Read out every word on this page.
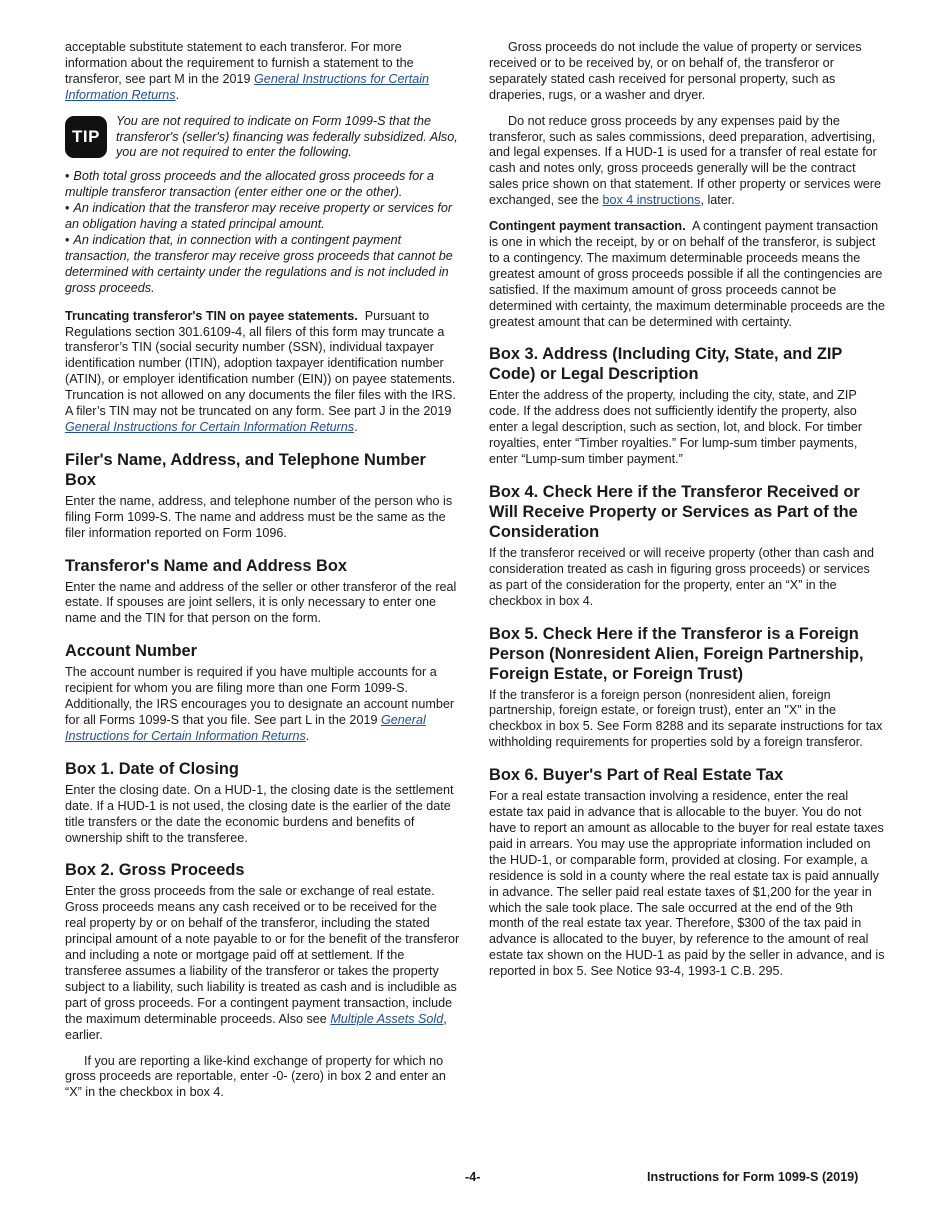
acceptable substitute statement to each transferor. For more information about the requirement to furnish a statement to the transferor, see part M in the 2019 General Instructions for Certain Information Returns.

TIP
You are not required to indicate on Form 1099-S that the transferor's (seller's) financing was federally subsidized. Also, you are not required to enter the following.

• Both total gross proceeds and the allocated gross proceeds for a multiple transferor transaction (enter either one or the other).

• An indication that the transferor may receive property or services for an obligation having a stated principal amount.

• An indication that, in connection with a contingent payment transaction, the transferor may receive gross proceeds that cannot be determined with certainty under the regulations and is not included in gross proceeds.

Truncating transferor's TIN on payee statements. Pursuant to Regulations section 301.6109-4, all filers of this form may truncate a transferor’s TIN (social security number (SSN), individual taxpayer identification number (ITIN), adoption taxpayer identification number (ATIN), or employer identification number (EIN)) on payee statements. Truncation is not allowed on any documents the filer files with the IRS. A filer’s TIN may not be truncated on any form. See part J in the 2019 General Instructions for Certain Information Returns.

Filer's Name, Address, and Telephone Number Box

Enter the name, address, and telephone number of the person who is filing Form 1099-S. The name and address must be the same as the filer information reported on Form 1096.

Transferor's Name and Address Box

Enter the name and address of the seller or other transferor of the real estate. If spouses are joint sellers, it is only necessary to enter one name and the TIN for that person on the form.

Account Number

The account number is required if you have multiple accounts for a recipient for whom you are filing more than one Form 1099-S. Additionally, the IRS encourages you to designate an account number for all Forms 1099-S that you file. See part L in the 2019 General Instructions for Certain Information Returns.

Box 1. Date of Closing

Enter the closing date. On a HUD-1, the closing date is the settlement date. If a HUD-1 is not used, the closing date is the earlier of the date title transfers or the date the economic burdens and benefits of ownership shift to the transferee.

Box 2. Gross Proceeds

Enter the gross proceeds from the sale or exchange of real estate. Gross proceeds means any cash received or to be received for the real property by or on behalf of the transferor, including the stated principal amount of a note payable to or for the benefit of the transferor and including a note or mortgage paid off at settlement. If the transferee assumes a liability of the transferor or takes the property subject to a liability, such liability is treated as cash and is includible as part of gross proceeds. For a contingent payment transaction, include the maximum determinable proceeds. Also see Multiple Assets Sold, earlier.

If you are reporting a like-kind exchange of property for which no gross proceeds are reportable, enter -0- (zero) in box 2 and enter an “X” in the checkbox in box 4.

Gross proceeds do not include the value of property or services received or to be received by, or on behalf of, the transferor or separately stated cash received for personal property, such as draperies, rugs, or a washer and dryer.

Do not reduce gross proceeds by any expenses paid by the transferor, such as sales commissions, deed preparation, advertising, and legal expenses. If a HUD-1 is used for a transfer of real estate for cash and notes only, gross proceeds generally will be the contract sales price shown on that statement. If other property or services were exchanged, see the box 4 instructions, later.

Contingent payment transaction. A contingent payment transaction is one in which the receipt, by or on behalf of the transferor, is subject to a contingency. The maximum determinable proceeds means the greatest amount of gross proceeds possible if all the contingencies are satisfied. If the maximum amount of gross proceeds cannot be determined with certainty, the maximum determinable proceeds are the greatest amount that can be determined with certainty.

Box 3. Address (Including City, State, and ZIP Code) or Legal Description

Enter the address of the property, including the city, state, and ZIP code. If the address does not sufficiently identify the property, also enter a legal description, such as section, lot, and block. For timber royalties, enter “Timber royalties.” For lump-sum timber payments, enter “Lump-sum timber payment.”

Box 4. Check Here if the Transferor Received or Will Receive Property or Services as Part of the Consideration

If the transferor received or will receive property (other than cash and consideration treated as cash in figuring gross proceeds) or services as part of the consideration for the property, enter an “X” in the checkbox in box 4.

Box 5. Check Here if the Transferor is a Foreign Person (Nonresident Alien, Foreign Partnership, Foreign Estate, or Foreign Trust)

If the transferor is a foreign person (nonresident alien, foreign partnership, foreign estate, or foreign trust), enter an "X" in the checkbox in box 5. See Form 8288 and its separate instructions for tax withholding requirements for properties sold by a foreign transferor.

Box 6. Buyer's Part of Real Estate Tax

For a real estate transaction involving a residence, enter the real estate tax paid in advance that is allocable to the buyer. You do not have to report an amount as allocable to the buyer for real estate taxes paid in arrears. You may use the appropriate information included on the HUD-1, or comparable form, provided at closing. For example, a residence is sold in a county where the real estate tax is paid annually in advance. The seller paid real estate taxes of $1,200 for the year in which the sale took place. The sale occurred at the end of the 9th month of the real estate tax year. Therefore, $300 of the tax paid in advance is allocated to the buyer, by reference to the amount of real estate tax shown on the HUD-1 as paid by the seller in advance, and is reported in box 5. See Notice 93-4, 1993-1 C.B. 295.

-4-	Instructions for Form 1099-S (2019)
